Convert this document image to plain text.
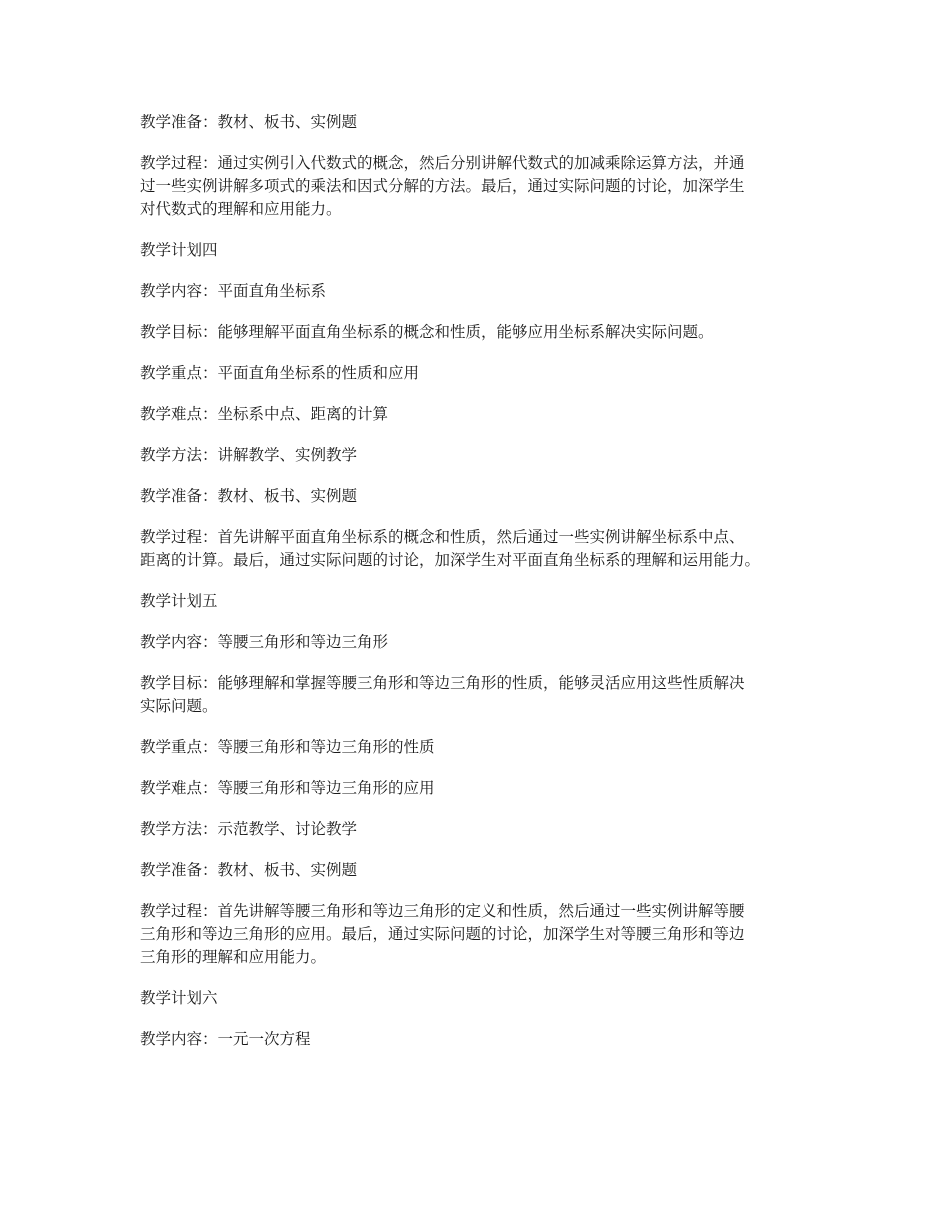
教学准备：教材、板书、实例题
教学过程：通过实例引入代数式的概念，然后分别讲解代数式的加减乘除运算方法，并通
过一些实例讲解多项式的乘法和因式分解的方法。最后，通过实际问题的讨论，加深学生
对代数式的理解和应用能力。
教学计划四
教学内容：平面直角坐标系
教学目标：能够理解平面直角坐标系的概念和性质，能够应用坐标系解决实际问题。
教学重点：平面直角坐标系的性质和应用
教学难点：坐标系中点、距离的计算
教学方法：讲解教学、实例教学
教学准备：教材、板书、实例题
教学过程：首先讲解平面直角坐标系的概念和性质，然后通过一些实例讲解坐标系中点、
距离的计算。最后，通过实际问题的讨论，加深学生对平面直角坐标系的理解和运用能力。
教学计划五
教学内容：等腰三角形和等边三角形
教学目标：能够理解和掌握等腰三角形和等边三角形的性质，能够灵活应用这些性质解决
实际问题。
教学重点：等腰三角形和等边三角形的性质
教学难点：等腰三角形和等边三角形的应用
教学方法：示范教学、讨论教学
教学准备：教材、板书、实例题
教学过程：首先讲解等腰三角形和等边三角形的定义和性质，然后通过一些实例讲解等腰
三角形和等边三角形的应用。最后，通过实际问题的讨论，加深学生对等腰三角形和等边
三角形的理解和应用能力。
教学计划六
教学内容：一元一次方程
